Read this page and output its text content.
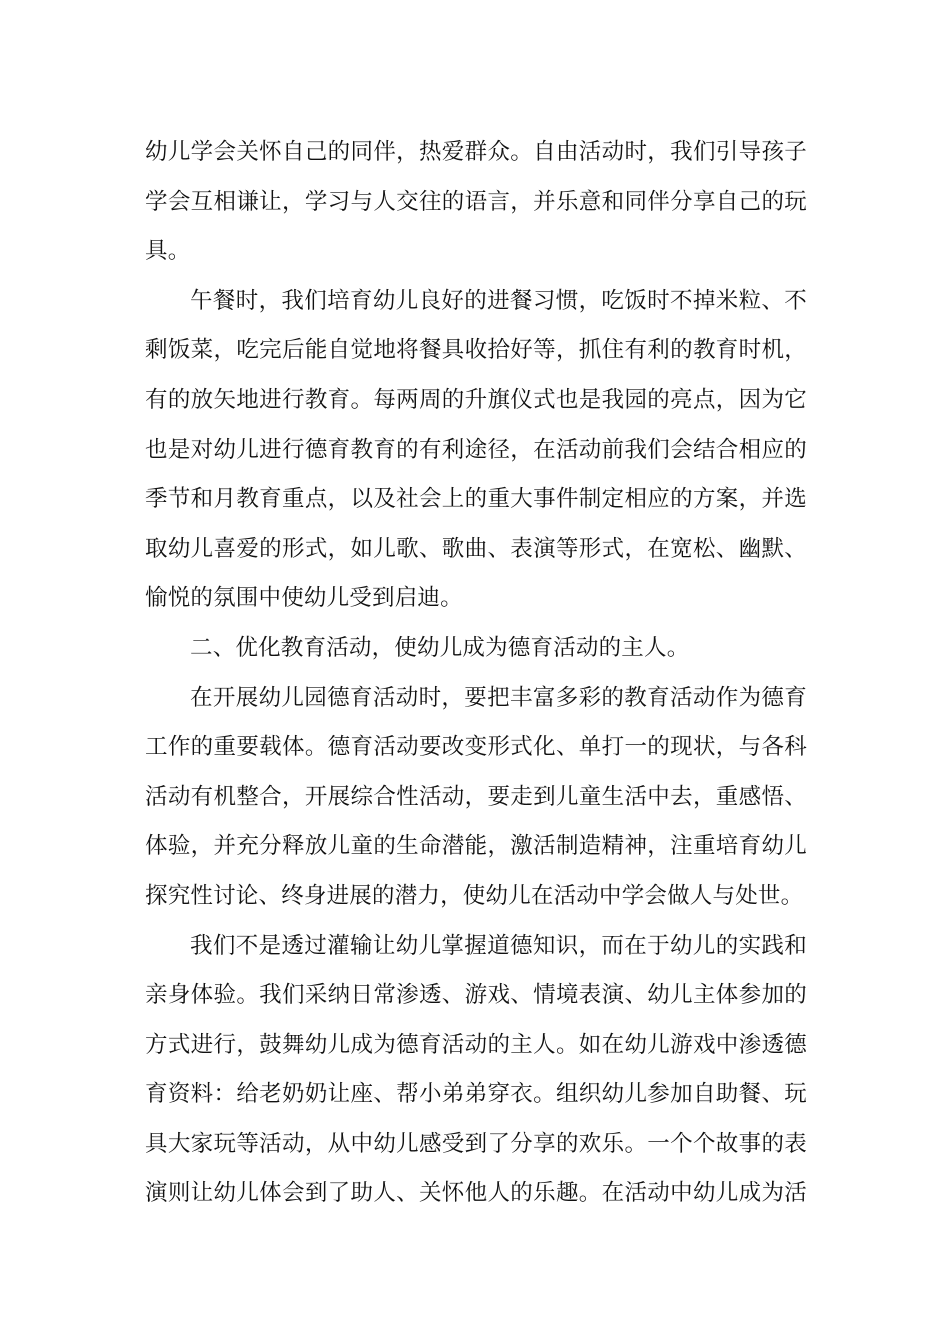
幼儿学会关怀自己的同伴，热爱群众。自由活动时，我们引导孩子
学会互相谦让，学习与人交往的语言，并乐意和同伴分享自己的玩
具。
午餐时，我们培育幼儿良好的进餐习惯，吃饭时不掉米粒、不
剩饭菜，吃完后能自觉地将餐具收拾好等，抓住有利的教育时机，
有的放矢地进行教育。每两周的升旗仪式也是我园的亮点，因为它
也是对幼儿进行德育教育的有利途径，在活动前我们会结合相应的
季节和月教育重点，以及社会上的重大事件制定相应的方案，并选
取幼儿喜爱的形式，如儿歌、歌曲、表演等形式，在宽松、幽默、
愉悦的氛围中使幼儿受到启迪。
二、优化教育活动，使幼儿成为德育活动的主人。
在开展幼儿园德育活动时，要把丰富多彩的教育活动作为德育
工作的重要载体。德育活动要改变形式化、单打一的现状，与各科
活动有机整合，开展综合性活动，要走到儿童生活中去，重感悟、
体验，并充分释放儿童的生命潜能，激活制造精神，注重培育幼儿
探究性讨论、终身进展的潜力，使幼儿在活动中学会做人与处世。
我们不是透过灌输让幼儿掌握道德知识，而在于幼儿的实践和
亲身体验。我们采纳日常渗透、游戏、情境表演、幼儿主体参加的
方式进行，鼓舞幼儿成为德育活动的主人。如在幼儿游戏中渗透德
育资料：给老奶奶让座、帮小弟弟穿衣。组织幼儿参加自助餐、玩
具大家玩等活动，从中幼儿感受到了分享的欢乐。一个个故事的表
演则让幼儿体会到了助人、关怀他人的乐趣。在活动中幼儿成为活
